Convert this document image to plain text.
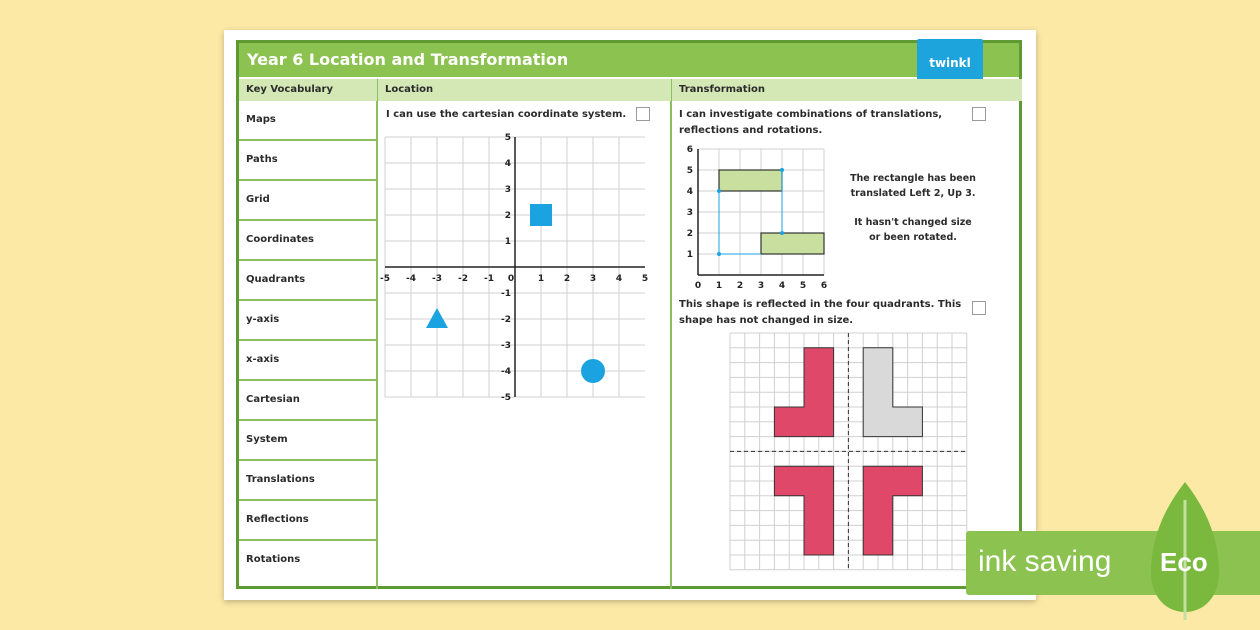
Year 6 Location and Transformation	twinkl
Key Vocabulary	Location	Transformation
Maps
Paths
Grid
Coordinates
Quadrants
y-axis
x-axis
Cartesian
System
Translations
Reflections
Rotations
I can use the cartesian coordinate system.
-5 -4 -3 -2 -1 0	1 2 3 4 5
5
4
3
2
1
-1
-2
-3
-4
-5
I can investigate combinations of translations, reflections and rotations.
0 1 2 3 4 5 6
6
5
4
3
2
1
The rectangle has been translated Left 2, Up 3.
It hasn't changed size or been rotated.
This shape is reflected in the four quadrants. This shape has not changed in size.
ink saving Eco
